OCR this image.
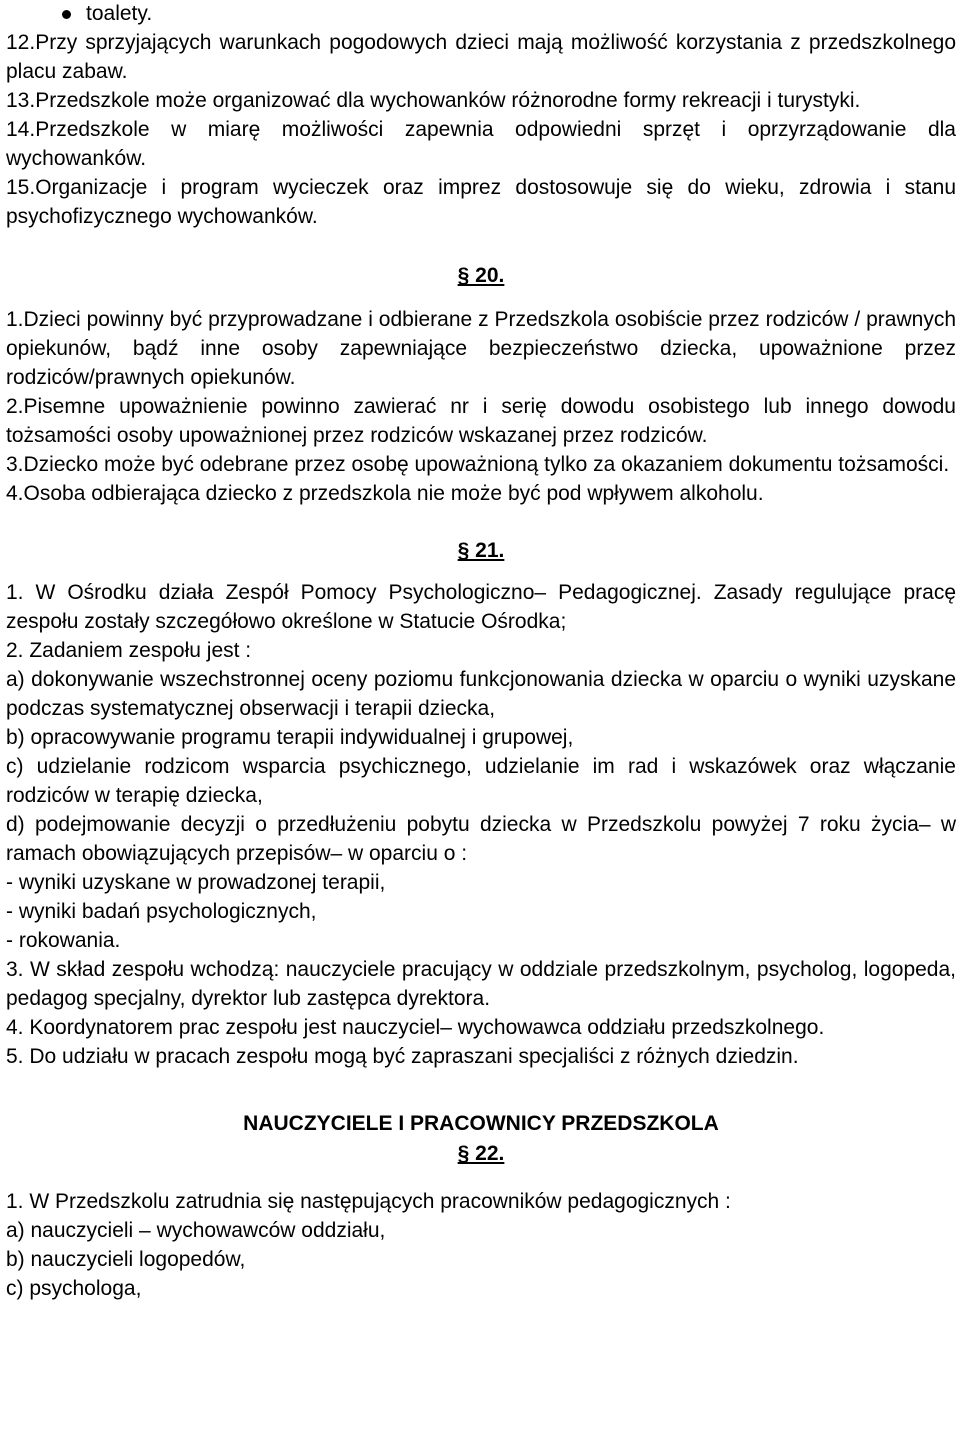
toalety.
12.Przy sprzyjających warunkach pogodowych dzieci mają możliwość korzystania z przedszkolnego placu zabaw.
13.Przedszkole może organizować dla wychowanków różnorodne formy rekreacji i turystyki.
14.Przedszkole w miarę możliwości zapewnia odpowiedni sprzęt i oprzyrządowanie dla wychowanków.
15.Organizacje i program wycieczek oraz imprez dostosowuje się do wieku, zdrowia i stanu psychofizycznego wychowanków.
§ 20.
1.Dzieci powinny być przyprowadzane i odbierane z Przedszkola osobiście przez rodziców / prawnych opiekunów, bądź inne osoby zapewniające bezpieczeństwo dziecka, upoważnione przez rodziców/prawnych opiekunów.
2.Pisemne upoważnienie powinno zawierać nr i serię dowodu osobistego lub innego dowodu tożsamości osoby upoważnionej przez rodziców wskazanej przez rodziców.
3.Dziecko może być odebrane przez osobę upoważnioną tylko za okazaniem dokumentu tożsamości.
4.Osoba odbierająca dziecko z przedszkola nie może być pod wpływem alkoholu.
§ 21.
1. W Ośrodku działa Zespół Pomocy Psychologiczno– Pedagogicznej. Zasady regulujące pracę zespołu zostały szczegółowo określone w Statucie Ośrodka;
2. Zadaniem zespołu jest :
a) dokonywanie wszechstronnej oceny poziomu funkcjonowania dziecka w oparciu o wyniki uzyskane podczas systematycznej obserwacji i terapii dziecka,
b) opracowywanie programu terapii indywidualnej i grupowej,
c) udzielanie rodzicom wsparcia psychicznego, udzielanie im rad i wskazówek oraz włączanie rodziców w terapię dziecka,
d) podejmowanie decyzji o przedłużeniu pobytu dziecka w Przedszkolu powyżej 7 roku życia– w ramach obowiązujących przepisów– w oparciu o :
- wyniki uzyskane w prowadzonej terapii,
- wyniki badań psychologicznych,
- rokowania.
3. W skład zespołu wchodzą: nauczyciele pracujący w oddziale przedszkolnym, psycholog, logopeda, pedagog specjalny, dyrektor lub zastępca dyrektora.
4. Koordynatorem prac zespołu jest nauczyciel– wychowawca oddziału przedszkolnego.
5. Do udziału w pracach zespołu mogą być zapraszani specjaliści z różnych dziedzin.
NAUCZYCIELE I PRACOWNICY PRZEDSZKOLA
§ 22.
1. W Przedszkolu zatrudnia się następujących pracowników pedagogicznych :
a) nauczycieli – wychowawców oddziału,
b) nauczycieli logopedów,
c) psychologa,
